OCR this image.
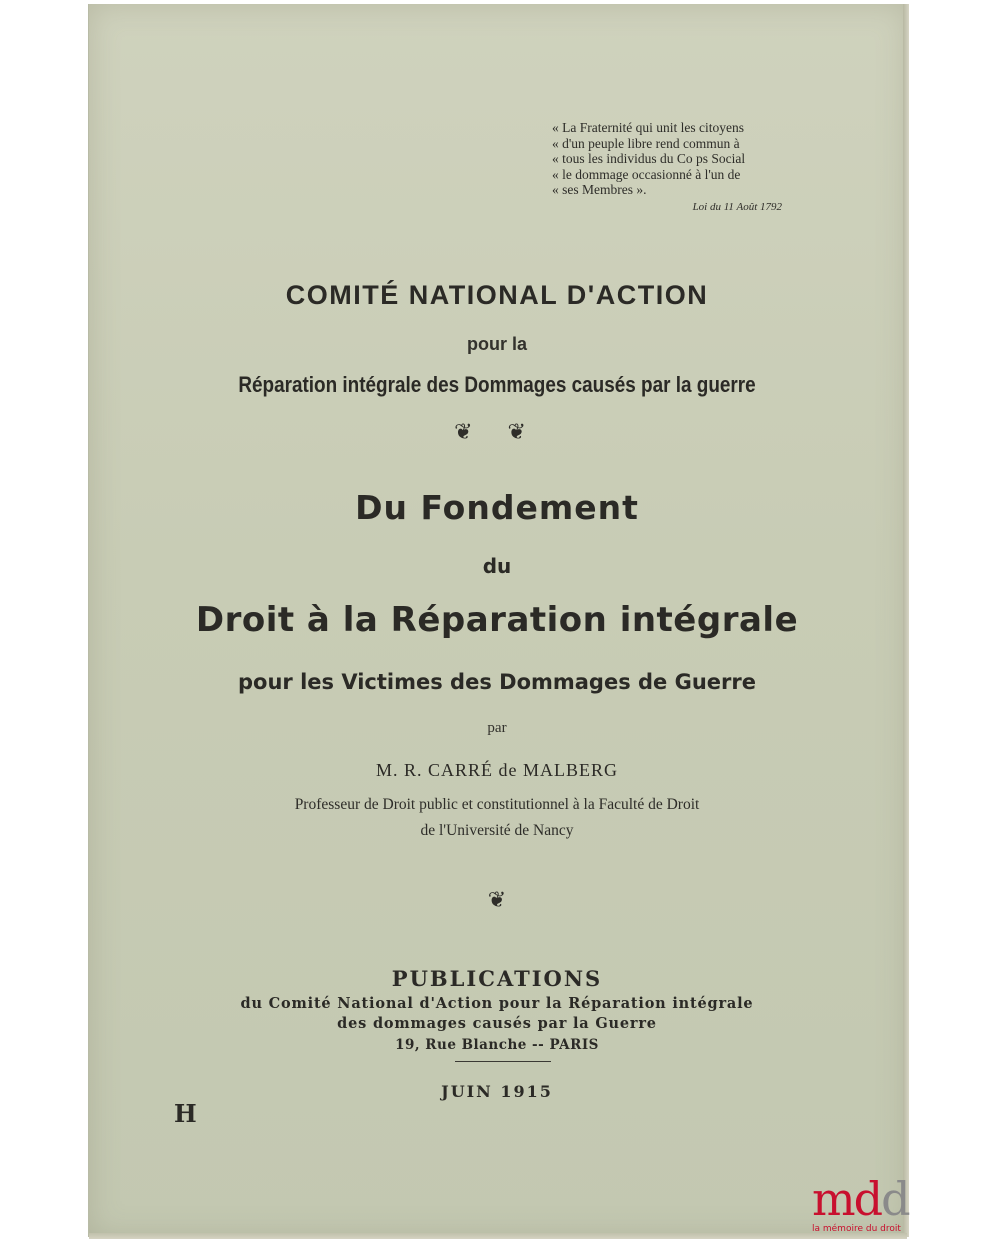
« La Fraternité qui unit les citoyens
« d'un peuple libre rend commun à
« tous les individus du Co ps Social
« le dommage occasionné à l'un de
« ses Membres ».
Loi du 11 Août 1792
COMITÉ NATIONAL D'ACTION
pour la
Réparation intégrale des Dommages causés par la guerre
❦ ❦
Du Fondement
du
Droit à la Réparation intégrale
pour les Victimes des Dommages de Guerre
par
M. R. CARRÉ de MALBERG
Professeur de Droit public et constitutionnel à la Faculté de Droit
de l'Université de Nancy
❦
PUBLICATIONS
du Comité National d'Action pour la Réparation intégrale
des dommages causés par la Guerre
19, Rue Blanche -- PARIS
JUIN 1915
H
mdd
la mémoire du droit
